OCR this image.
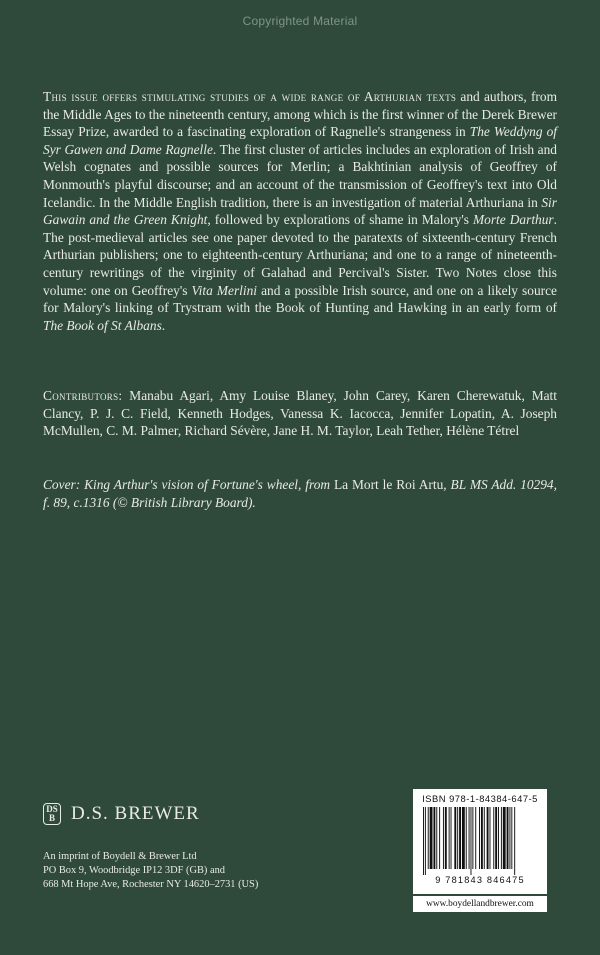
Copyrighted Material

This issue offers stimulating studies of a wide range of Arthurian texts and authors, from the Middle Ages to the nineteenth century, among which is the first winner of the Derek Brewer Essay Prize, awarded to a fascinating exploration of Ragnelle's strangeness in The Weddyng of Syr Gawen and Dame Ragnelle. The first cluster of articles includes an exploration of Irish and Welsh cognates and possible sources for Merlin; a Bakhtinian analysis of Geoffrey of Monmouth's playful discourse; and an account of the transmission of Geoffrey's text into Old Icelandic. In the Middle English tradition, there is an investigation of material Arthuriana in Sir Gawain and the Green Knight, followed by explorations of shame in Malory's Morte Darthur. The post-medieval articles see one paper devoted to the paratexts of sixteenth-century French Arthurian publishers; one to eighteenth-century Arthuriana; and one to a range of nineteenth-century rewritings of the virginity of Galahad and Percival's Sister. Two Notes close this volume: one on Geoffrey's Vita Merlini and a possible Irish source, and one on a likely source for Malory's linking of Trystram with the Book of Hunting and Hawking in an early form of The Book of St Albans.

Contributors: Manabu Agari, Amy Louise Blaney, John Carey, Karen Cherewatuk, Matt Clancy, P. J. C. Field, Kenneth Hodges, Vanessa K. Iacocca, Jennifer Lopatin, A. Joseph McMullen, C. M. Palmer, Richard Sévère, Jane H. M. Taylor, Leah Tether, Hélène Tétrel

Cover: King Arthur's vision of Fortune's wheel, from La Mort le Roi Artu, BL MS Add. 10294, f. 89, c.1316 (© British Library Board).

DS
B D.S. BREWER
An imprint of Boydell & Brewer Ltd
PO Box 9, Woodbridge IP12 3DF (GB) and
668 Mt Hope Ave, Rochester NY 14620–2731 (US)
ISBN 978-1-84384-647-5
9 781843 846475
www.boydellandbrewer.com
